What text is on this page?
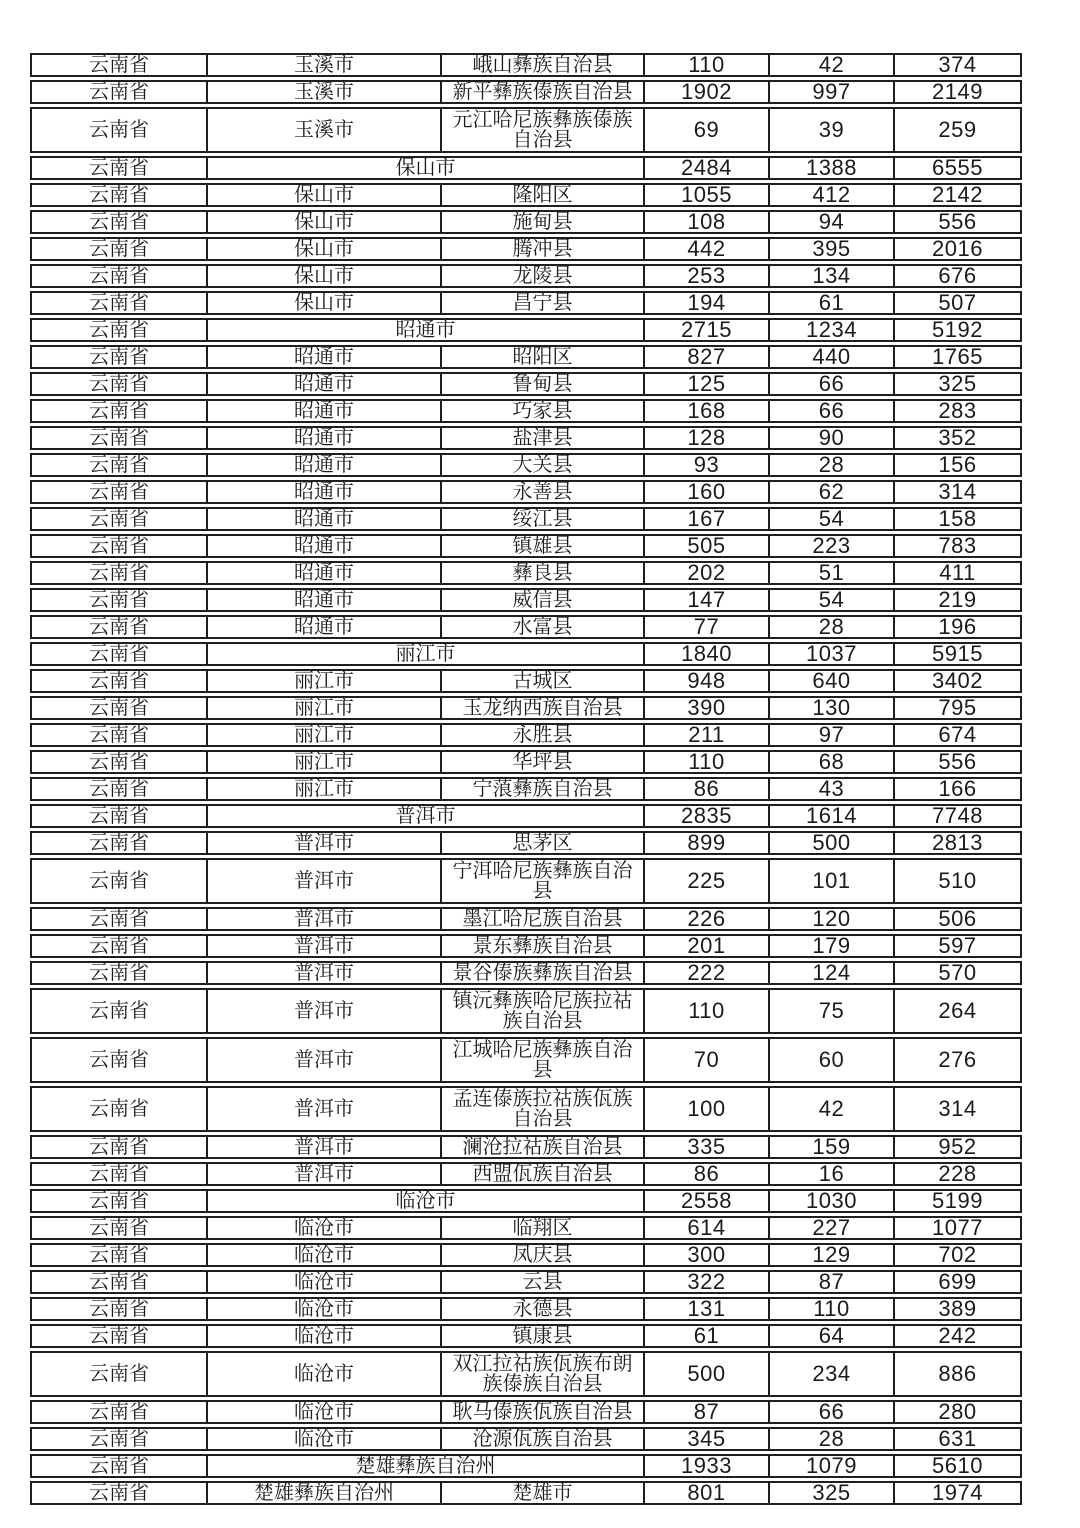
云南省	玉溪市	峨山彝族自治县	110	42	374
云南省	玉溪市	新平彝族傣族自治县	1902	997	2149
云南省	玉溪市	元江哈尼族彝族傣族自治县	69	39	259
云南省	保山市	2484	1388	6555
云南省	保山市	隆阳区	1055	412	2142
云南省	保山市	施甸县	108	94	556
云南省	保山市	腾冲县	442	395	2016
云南省	保山市	龙陵县	253	134	676
云南省	保山市	昌宁县	194	61	507
云南省	昭通市	2715	1234	5192
云南省	昭通市	昭阳区	827	440	1765
云南省	昭通市	鲁甸县	125	66	325
云南省	昭通市	巧家县	168	66	283
云南省	昭通市	盐津县	128	90	352
云南省	昭通市	大关县	93	28	156
云南省	昭通市	永善县	160	62	314
云南省	昭通市	绥江县	167	54	158
云南省	昭通市	镇雄县	505	223	783
云南省	昭通市	彝良县	202	51	411
云南省	昭通市	威信县	147	54	219
云南省	昭通市	水富县	77	28	196
云南省	丽江市	1840	1037	5915
云南省	丽江市	古城区	948	640	3402
云南省	丽江市	玉龙纳西族自治县	390	130	795
云南省	丽江市	永胜县	211	97	674
云南省	丽江市	华坪县	110	68	556
云南省	丽江市	宁蒗彝族自治县	86	43	166
云南省	普洱市	2835	1614	7748
云南省	普洱市	思茅区	899	500	2813
云南省	普洱市	宁洱哈尼族彝族自治县	225	101	510
云南省	普洱市	墨江哈尼族自治县	226	120	506
云南省	普洱市	景东彝族自治县	201	179	597
云南省	普洱市	景谷傣族彝族自治县	222	124	570
云南省	普洱市	镇沅彝族哈尼族拉祜族自治县	110	75	264
云南省	普洱市	江城哈尼族彝族自治县	70	60	276
云南省	普洱市	孟连傣族拉祜族佤族自治县	100	42	314
云南省	普洱市	澜沧拉祜族自治县	335	159	952
云南省	普洱市	西盟佤族自治县	86	16	228
云南省	临沧市	2558	1030	5199
云南省	临沧市	临翔区	614	227	1077
云南省	临沧市	凤庆县	300	129	702
云南省	临沧市	云县	322	87	699
云南省	临沧市	永德县	131	110	389
云南省	临沧市	镇康县	61	64	242
云南省	临沧市	双江拉祜族佤族布朗族傣族自治县	500	234	886
云南省	临沧市	耿马傣族佤族自治县	87	66	280
云南省	临沧市	沧源佤族自治县	345	28	631
云南省	楚雄彝族自治州	1933	1079	5610
云南省	楚雄彝族自治州	楚雄市	801	325	1974
